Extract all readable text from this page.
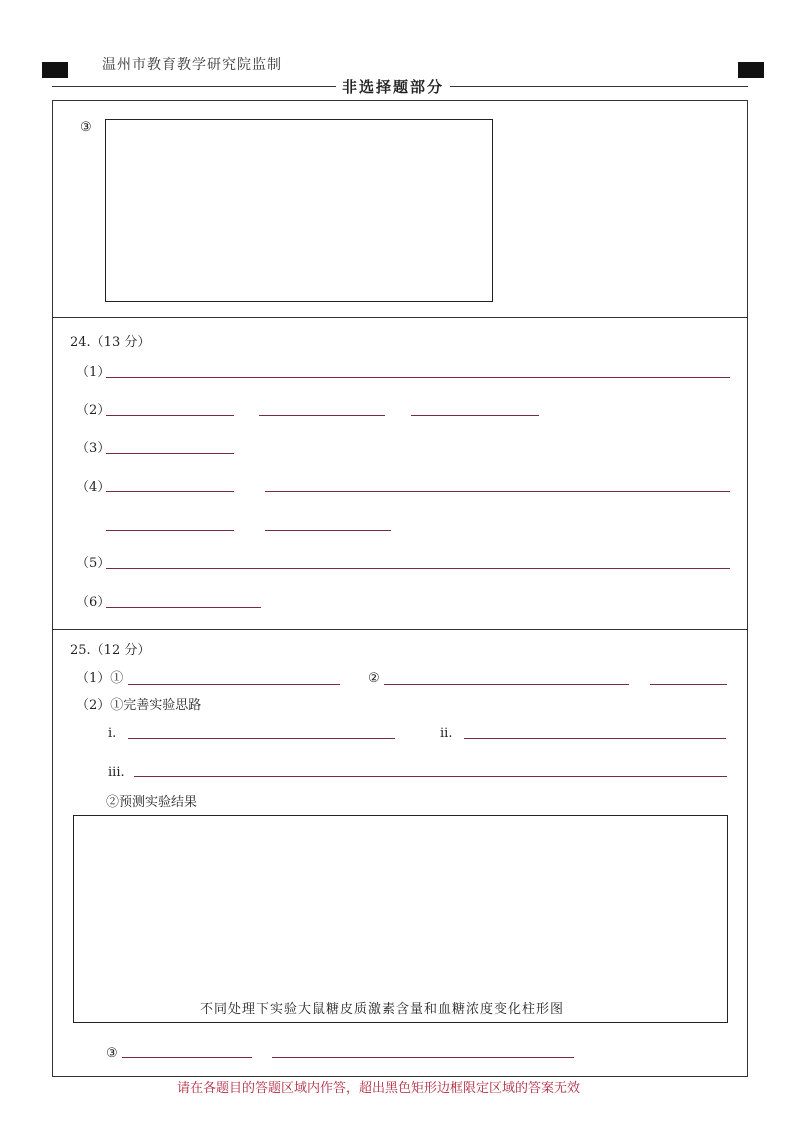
温州市教育教学研究院监制
非选择题部分
③
24.（13 分）
（1）
（2）
（3）
（4）
（5）
（6）
25.（12 分）
（1）①	②
（2）①完善实验思路
i.	ii.
iii.
②预测实验结果
不同处理下实验大鼠糖皮质激素含量和血糖浓度变化柱形图
③
请在各题目的答题区域内作答，超出黑色矩形边框限定区域的答案无效
